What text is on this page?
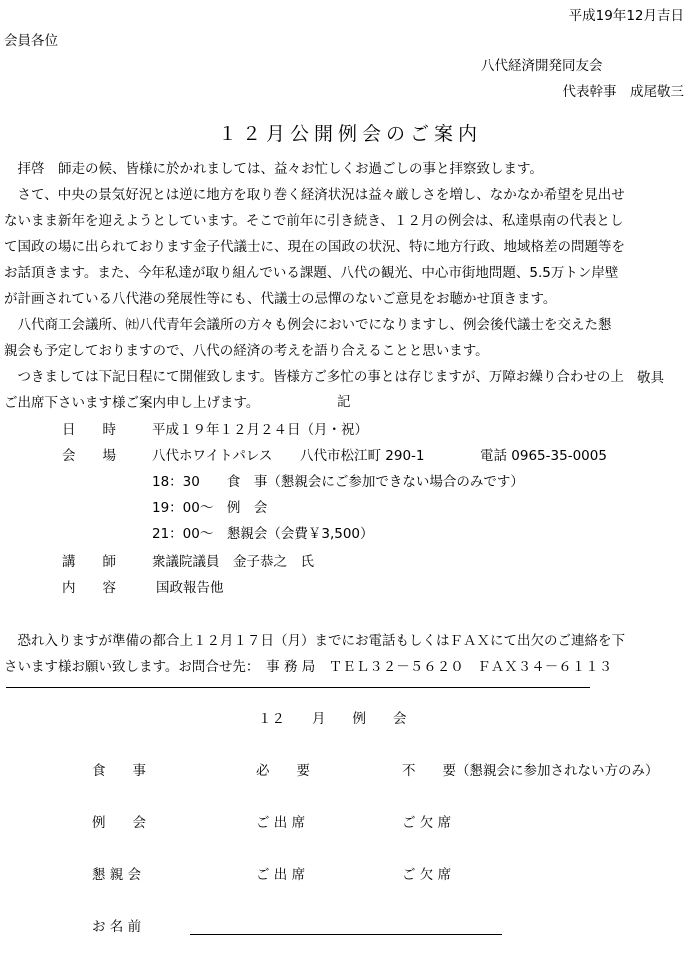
平成19年12月吉日
会員各位
八代経済開発同友会
代表幹事　成尾敬三
１２月公開例会のご案内
　拝啓　師走の候、皆様に於かれましては、益々お忙しくお過ごしの事と拝察致します。
　さて、中央の景気好況とは逆に地方を取り巻く経済状況は益々厳しさを増し、なかなか希望を見出せ
ないまま新年を迎えようとしています。そこで前年に引き続き、１２月の例会は、私達県南の代表とし
て国政の場に出られております金子代議士に、現在の国政の状況、特に地方行政、地域格差の問題等を
お話頂きます。また、今年私達が取り組んでいる課題、八代の観光、中心市街地問題、5.5万トン岸壁
が計画されている八代港の発展性等にも、代議士の忌憚のないご意見をお聴かせ頂きます。
　八代商工会議所、㈳八代青年会議所の方々も例会においでになりますし、例会後代議士を交えた懇
親会も予定しておりますので、八代の経済の考えを語り合えることと思います。
　つきましては下記日程にて開催致します。皆様方ご多忙の事とは存じますが、万障お繰り合わせの上
ご出席下さいます様ご案内申し上げます。
敬具
記
日　　時	平成１９年１２月２４日（月・祝）
会　　場	八代ホワイトパレス 八代市松江町 290-1	電話 0965-35-0005
18：30　　食　事（懇親会にご参加できない場合のみです）
19：00～　例　会
21：00～　懇親会（会費￥3,500）
講　　師	衆議院議員　金子恭之　氏
内　　容	国政報告他
　恐れ入りますが準備の都合上１２月１７日（月）までにお電話もしくはＦＡＸにて出欠のご連絡を下
さいます様お願い致します。お問合せ先：　事 務 局　ＴＥＬ３２－５６２０　ＦＡＸ３４－６１１３
１２　　月　　例　　会
食　　事	必　　要	不　　要（懇親会に参加されない方のみ）
例　　会	ご 出 席	ご 欠 席
懇 親 会	ご 出 席	ご 欠 席
お 名 前
